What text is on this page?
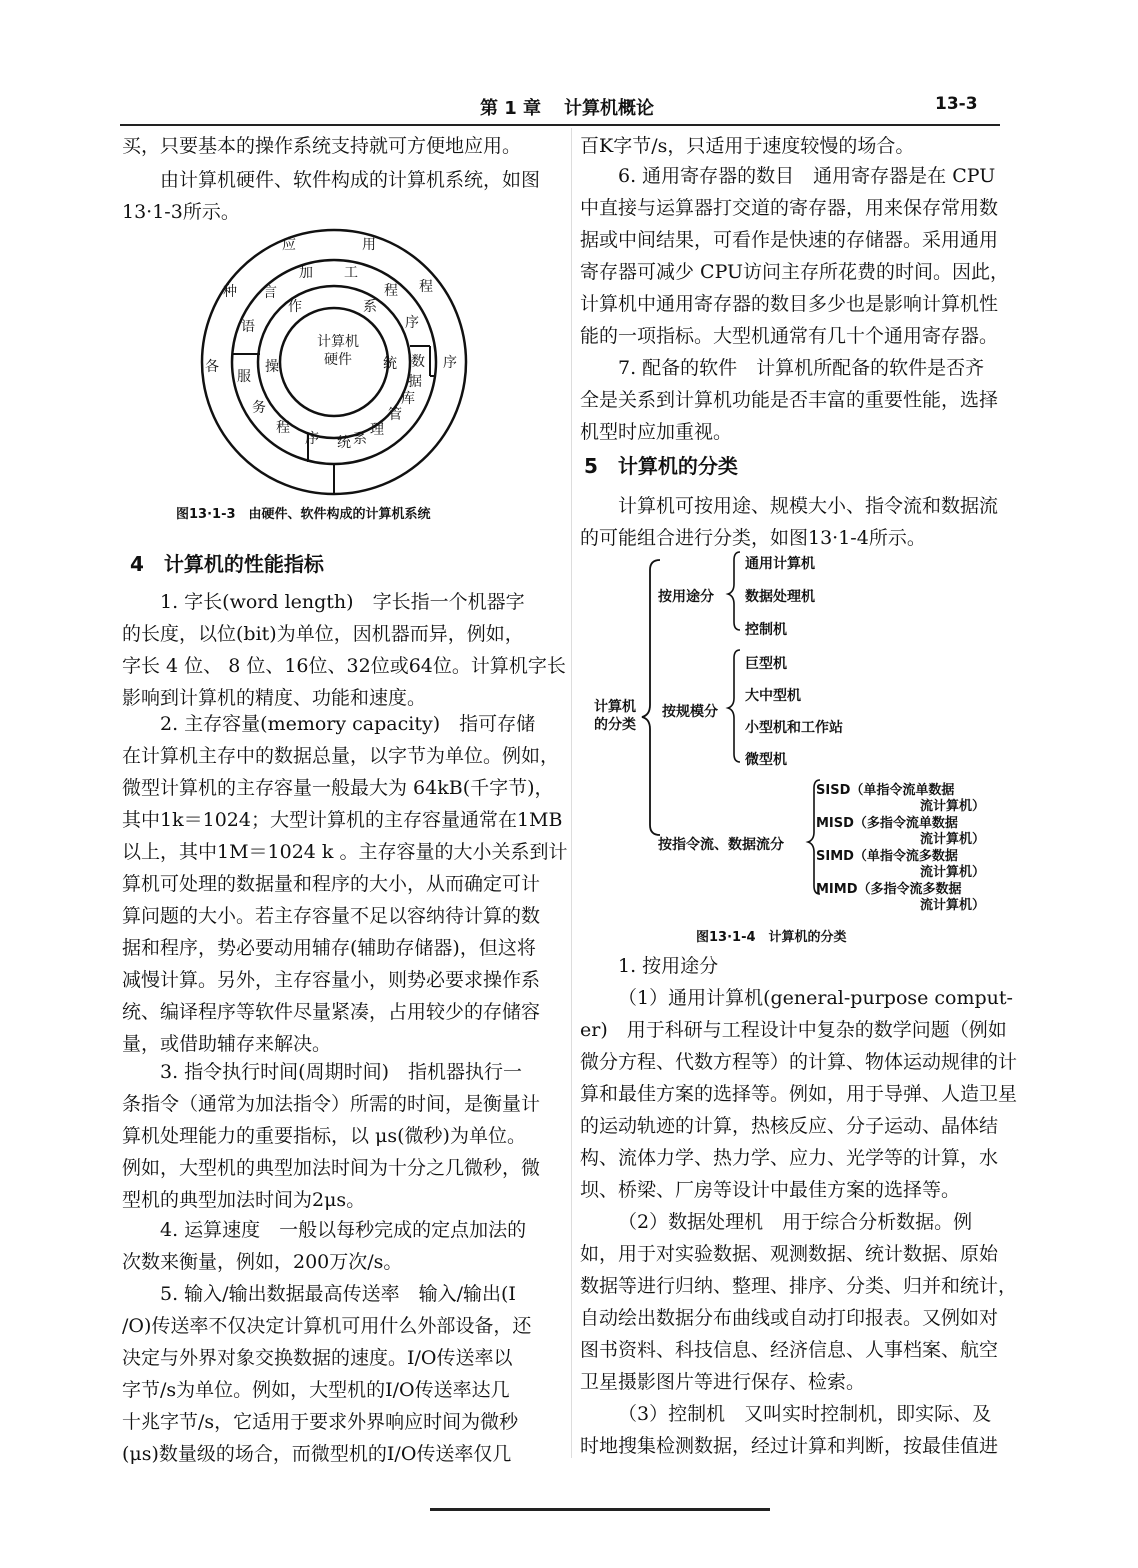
第 1 章 计算机概论	13-3

买，只要基本的操作系统支持就可方便地应用。

由计算机硬件、软件构成的计算机系统，如图

13·1-3所示。

计算机
硬件
作	系
统
操
加 工
程
序
言
语
服
务
程
序
管
理
系
统
数
据
库
应	用
程
序
种
各
图13·1-3　由硬件、软件构成的计算机系统
4　计算机的性能指标

1. 字长(word length)　字长指一个机器字

的长度，以位(bit)为单位，因机器而异，例如，

字长 4 位、 8 位、16位、32位或64位。计算机字长

影响到计算机的精度、功能和速度。

2. 主存容量(memory capacity)　指可存储

在计算机主存中的数据总量，以字节为单位。例如，

微型计算机的主存容量一般最大为 64kB(千字节)，

其中1k＝1024；大型计算机的主存容量通常在1MB

以上，其中1M＝1024 k 。主存容量的大小关系到计

算机可处理的数据量和程序的大小，从而确定可计

算问题的大小。若主存容量不足以容纳待计算的数

据和程序，势必要动用辅存(辅助存储器)，但这将

减慢计算。另外，主存容量小，则势必要求操作系

统、编译程序等软件尽量紧凑，占用较少的存储容

量，或借助辅存来解决。

3. 指令执行时间(周期时间)　指机器执行一

条指令（通常为加法指令）所需的时间，是衡量计

算机处理能力的重要指标，以 μs(微秒)为单位。

例如，大型机的典型加法时间为十分之几微秒，微

型机的典型加法时间为2μs。

4. 运算速度　一般以每秒完成的定点加法的

次数来衡量，例如，200万次/s。

5. 输入/输出数据最高传送率　输入/输出(I

/O)传送率不仅决定计算机可用什么外部设备，还

决定与外界对象交换数据的速度。I/O传送率以

字节/s为单位。例如，大型机的I/O传送率达几

十兆字节/s，它适用于要求外界响应时间为微秒

(μs)数量级的场合，而微型机的I/O传送率仅几

百K字节/s，只适用于速度较慢的场合。

6. 通用寄存器的数目　通用寄存器是在 CPU

中直接与运算器打交道的寄存器，用来保存常用数

据或中间结果，可看作是快速的存储器。采用通用

寄存器可减少 CPU访问主存所花费的时间。因此，

计算机中通用寄存器的数目多少也是影响计算机性

能的一项指标。大型机通常有几十个通用寄存器。

7. 配备的软件　计算机所配备的软件是否齐

全是关系到计算机功能是否丰富的重要性能，选择

机型时应加重视。

5　计算机的分类

计算机可按用途、规模大小、指令流和数据流

的可能组合进行分类，如图13·1-4所示。

计算机
的分类
按用途分
通用计算机
数据处理机
控制机
按规模分
巨型机
大中型机
小型机和工作站
微型机
按指令流、数据流分
SISD（单指令流单数据
流计算机）
MISD（多指令流单数据
流计算机）
SIMD（单指令流多数据
流计算机）
MIMD（多指令流多数据
流计算机）
图13·1-4　计算机的分类

1. 按用途分

（1）通用计算机(general-purpose comput-

er)　用于科研与工程设计中复杂的数学问题（例如

微分方程、代数方程等）的计算、物体运动规律的计

算和最佳方案的选择等。例如，用于导弹、人造卫星

的运动轨迹的计算，热核反应、分子运动、晶体结

构、流体力学、热力学、应力、光学等的计算，水

坝、桥梁、厂房等设计中最佳方案的选择等。

（2）数据处理机　用于综合分析数据。例

如，用于对实验数据、观测数据、统计数据、原始

数据等进行归纳、整理、排序、分类、归并和统计，

自动绘出数据分布曲线或自动打印报表。又例如对

图书资料、科技信息、经济信息、人事档案、航空

卫星摄影图片等进行保存、检索。

（3）控制机　又叫实时控制机，即实际、及

时地搜集检测数据，经过计算和判断，按最佳值进
